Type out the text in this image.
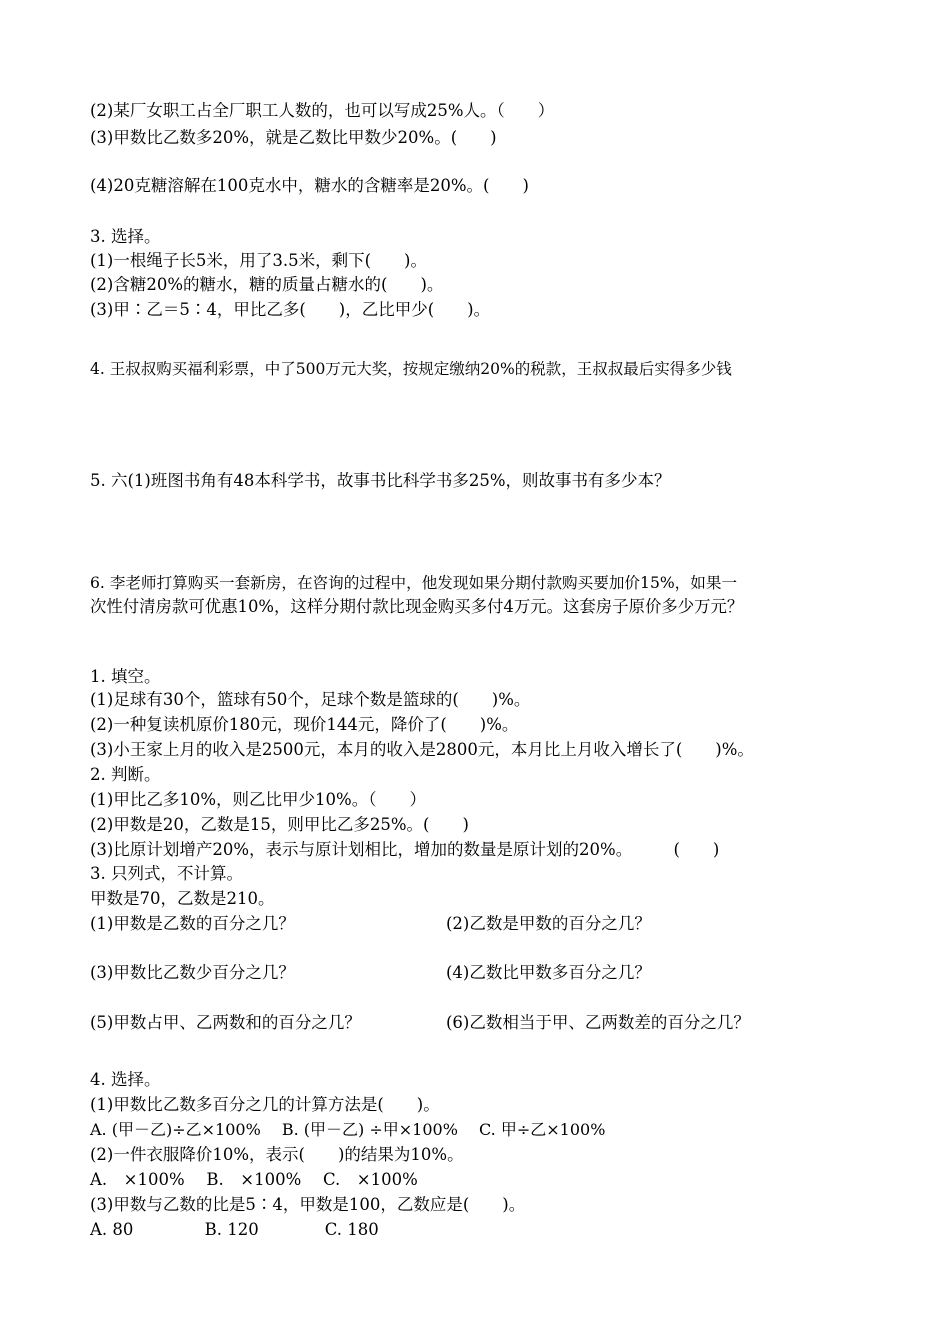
(2)某厂女职工占全厂职工人数的，也可以写成25%人。（　　）
(3)甲数比乙数多20%，就是乙数比甲数少20%。(　　)
(4)20克糖溶解在100克水中，糖水的含糖率是20%。(　　)
3. 选择。
(1)一根绳子长5米，用了3.5米，剩下(　　)。
(2)含糖20%的糖水，糖的质量占糖水的(　　)。
(3)甲∶乙＝5∶4，甲比乙多(　　)，乙比甲少(　　)。
4. 王叔叔购买福利彩票，中了500万元大奖，按规定缴纳20%的税款，王叔叔最后实得多少钱
5. 六(1)班图书角有48本科学书，故事书比科学书多25%，则故事书有多少本？
6. 李老师打算购买一套新房，在咨询的过程中，他发现如果分期付款购买要加价15%，如果一
次性付清房款可优惠10%，这样分期付款比现金购买多付4万元。这套房子原价多少万元？
1. 填空。
(1)足球有30个，篮球有50个，足球个数是篮球的(　　)%。
(2)一种复读机原价180元，现价144元，降价了(　　)%。
(3)小王家上月的收入是2500元，本月的收入是2800元，本月比上月收入增长了(　　)%。
2. 判断。
(1)甲比乙多10%，则乙比甲少10%。（　　）
(2)甲数是20，乙数是15，则甲比乙多25%。(　　)
(3)比原计划增产20%，表示与原计划相比，增加的数量是原计划的20%。　　　(　　)
3. 只列式，不计算。
甲数是70，乙数是210。
(1)甲数是乙数的百分之几？	(2)乙数是甲数的百分之几？
(3)甲数比乙数少百分之几？	(4)乙数比甲数多百分之几？
(5)甲数占甲、乙两数和的百分之几？	(6)乙数相当于甲、乙两数差的百分之几？
4. 选择。
(1)甲数比乙数多百分之几的计算方法是(　　)。
A. (甲－乙)÷乙×100%　 B. (甲－乙) ÷甲×100%　 C. 甲÷乙×100%
(2)一件衣服降价10%，表示(　　)的结果为10%。
A.　×100%　 B.　×100%　 C.　×100%
(3)甲数与乙数的比是5∶4，甲数是100，乙数应是(　　)。
A. 80　　　　 B. 120　　　　C. 180
